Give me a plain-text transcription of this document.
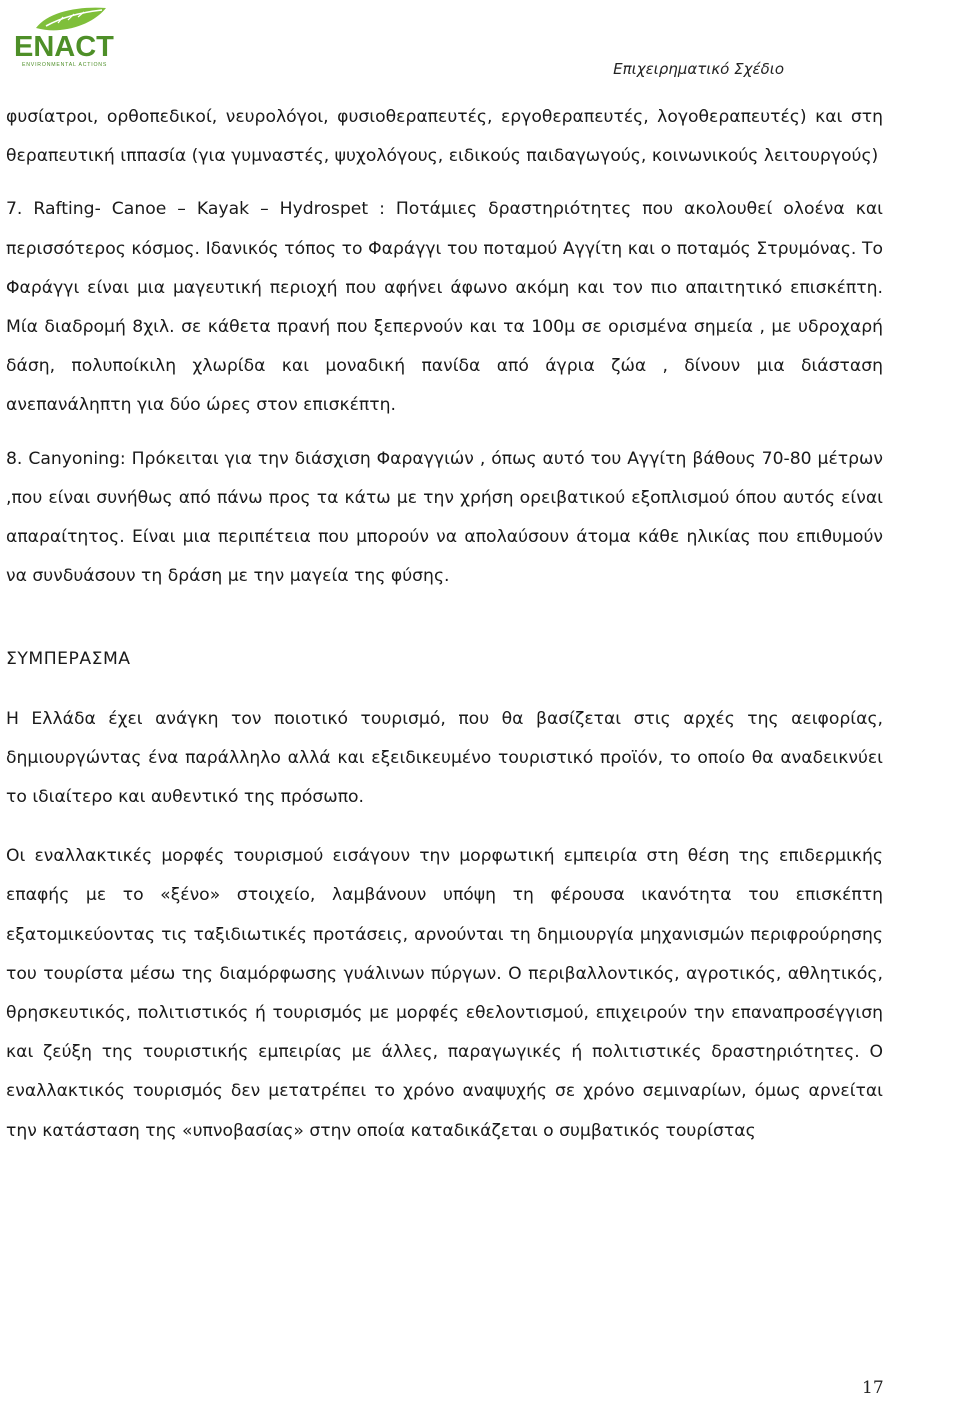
ENACT
ENVIRONMENTAL ACTIONS	Επιχειρηματικό Σχέδιο

φυσίατροι, ορθοπεδικοί, νευρολόγοι, φυσιοθεραπευτές, εργοθεραπευτές, λογοθεραπευτές) και στη θεραπευτική ιππασία (για γυμναστές, ψυχολόγους, ειδικούς παιδαγωγούς, κοινωνικούς λειτουργούς)

7. Rafting- Canoe – Kayak – Hydrospet : Ποτάμιες δραστηριότητες που ακολουθεί ολοένα και περισσότερος κόσμος. Ιδανικός τόπος το Φαράγγι του ποταμού Αγγίτη και ο ποταμός Στρυμόνας. Το Φαράγγι είναι μια μαγευτική περιοχή που αφήνει άφωνο ακόμη και τον πιο απαιτητικό επισκέπτη. Μία διαδρομή 8χιλ. σε κάθετα πρανή που ξεπερνούν και τα 100μ σε ορισμένα σημεία , με υδροχαρή δάση, πολυποίκιλη χλωρίδα και μοναδική πανίδα από άγρια ζώα , δίνουν μια διάσταση ανεπανάληπτη για δύο ώρες στον επισκέπτη.

8. Canyoning: Πρόκειται για την διάσχιση Φαραγγιών , όπως αυτό του Αγγίτη βάθους 70-80 μέτρων ,που είναι συνήθως από πάνω προς τα κάτω με την χρήση ορειβατικού εξοπλισμού όπου αυτός είναι απαραίτητος. Είναι μια περιπέτεια που μπορούν να απολαύσουν άτομα κάθε ηλικίας που επιθυμούν να συνδυάσουν τη δράση με την μαγεία της φύσης.

ΣΥΜΠΕΡΑΣΜΑ

Η Ελλάδα έχει ανάγκη τον ποιοτικό τουρισμό, που θα βασίζεται στις αρχές της αειφορίας, δημιουργώντας ένα παράλληλο αλλά και εξειδικευμένο τουριστικό προϊόν, το οποίο θα αναδεικνύει το ιδιαίτερο και αυθεντικό της πρόσωπο.

Οι εναλλακτικές μορφές τουρισμού εισάγουν την μορφωτική εμπειρία στη θέση της επιδερμικής επαφής με το «ξένο» στοιχείο, λαμβάνουν υπόψη τη φέρουσα ικανότητα του επισκέπτη εξατομικεύοντας τις ταξιδιωτικές προτάσεις, αρνούνται τη δημιουργία μηχανισμών περιφρούρησης του τουρίστα μέσω της διαμόρφωσης γυάλινων πύργων. Ο περιβαλλοντικός, αγροτικός, αθλητικός, θρησκευτικός, πολιτιστικός ή τουρισμός με μορφές εθελοντισμού, επιχειρούν την επαναπροσέγγιση και ζεύξη της τουριστικής εμπειρίας με άλλες, παραγωγικές ή πολιτιστικές δραστηριότητες. Ο εναλλακτικός τουρισμός δεν μετατρέπει το χρόνο αναψυχής σε χρόνο σεμιναρίων, όμως αρνείται την κατάσταση της «υπνοβασίας» στην οποία καταδικάζεται ο συμβατικός τουρίστας

17
